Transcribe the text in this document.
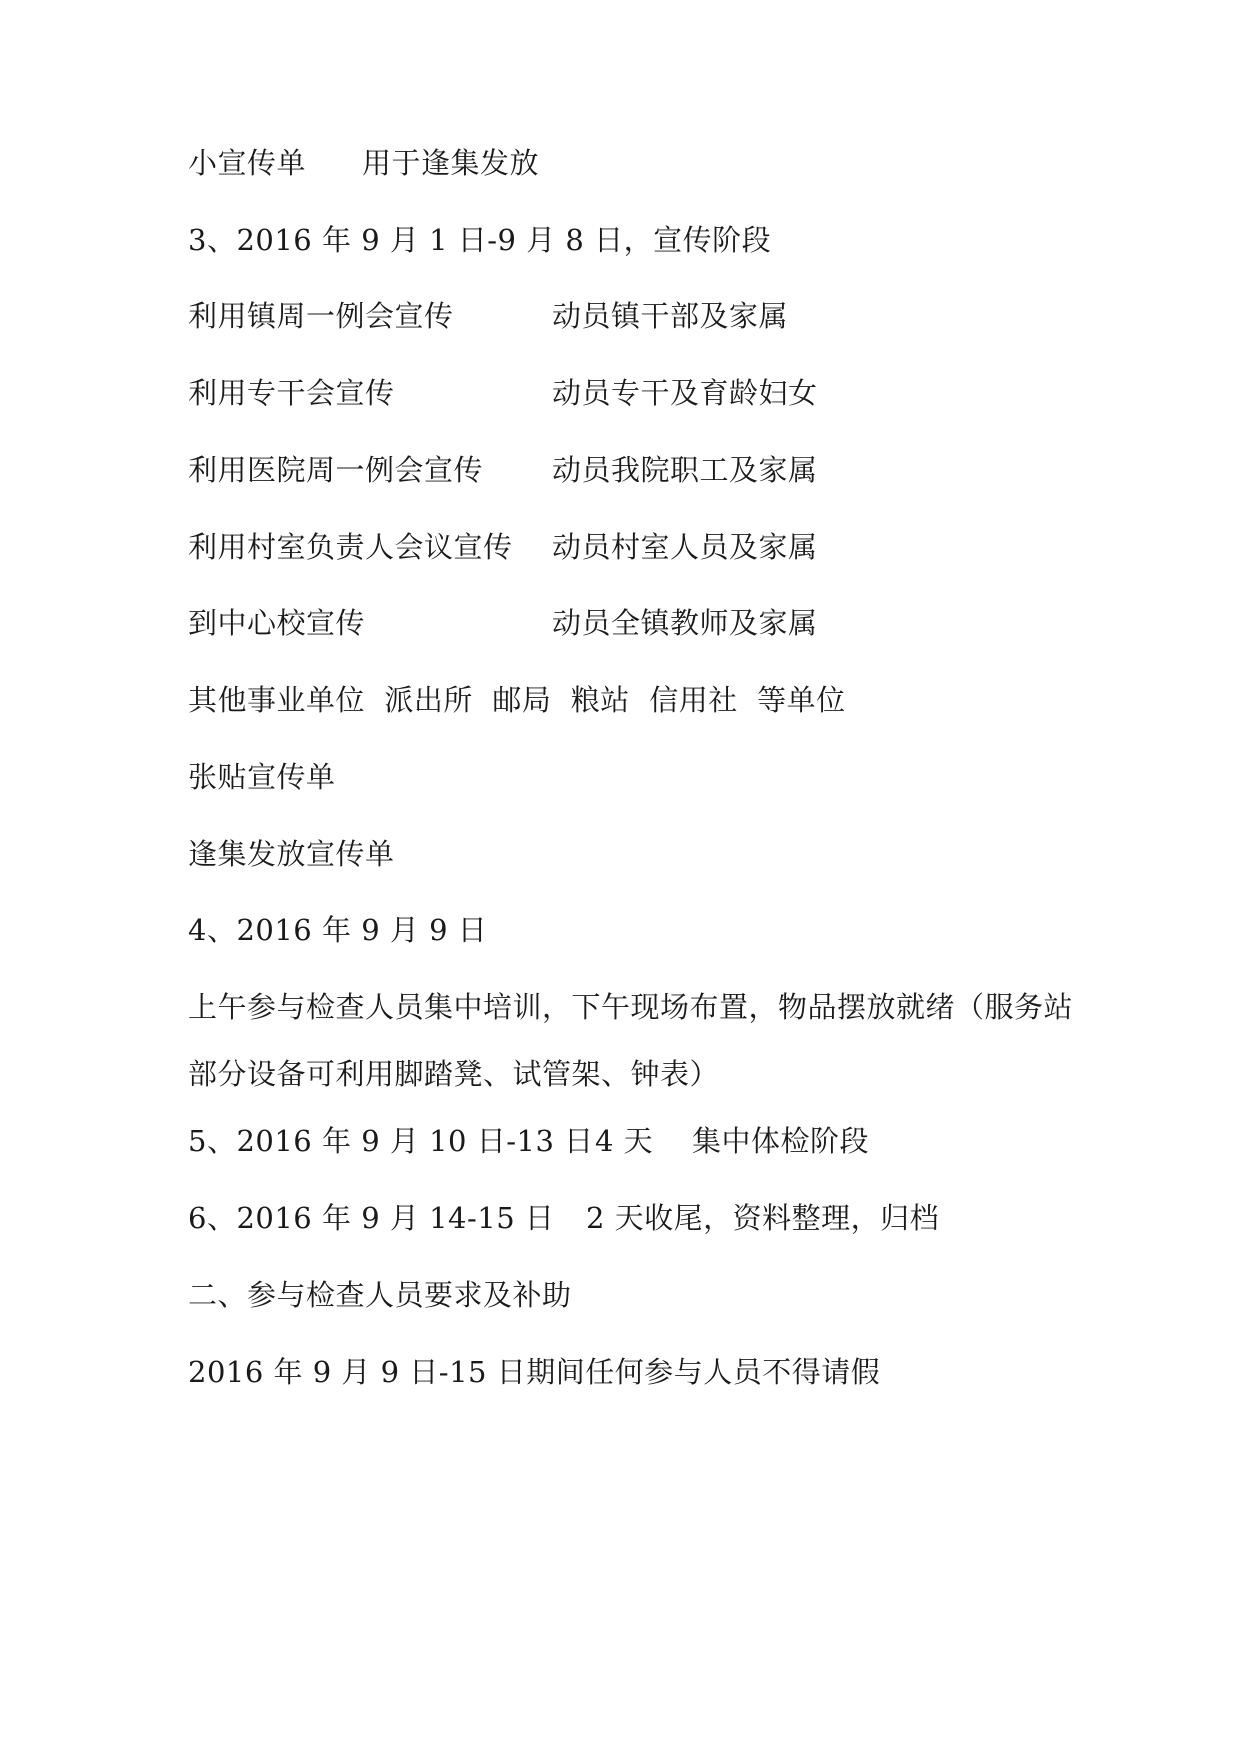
小宣传单 用于逢集发放
3、2016 年 9 月 1 日-9 月 8 日，宣传阶段
利用镇周一例会宣传	动员镇干部及家属
利用专干会宣传	动员专干及育龄妇女
利用医院周一例会宣传 动员我院职工及家属
利用村室负责人会议宣传 动员村室人员及家属
到中心校宣传	动员全镇教师及家属
其他事业单位  派出所  邮局  粮站  信用社  等单位
张贴宣传单
逢集发放宣传单
4、2016 年 9 月 9 日
上午参与检查人员集中培训，下午现场布置，物品摆放就绪（服务站
部分设备可利用脚踏凳、试管架、钟表）
5、2016 年 9 月 10 日-13 日 4 天    集中体检阶段
6、2016 年 9 月 14-15 日 2 天收尾，资料整理，归档
二、参与检查人员要求及补助
2016 年 9 月 9 日-15 日期间任何参与人员不得请假
